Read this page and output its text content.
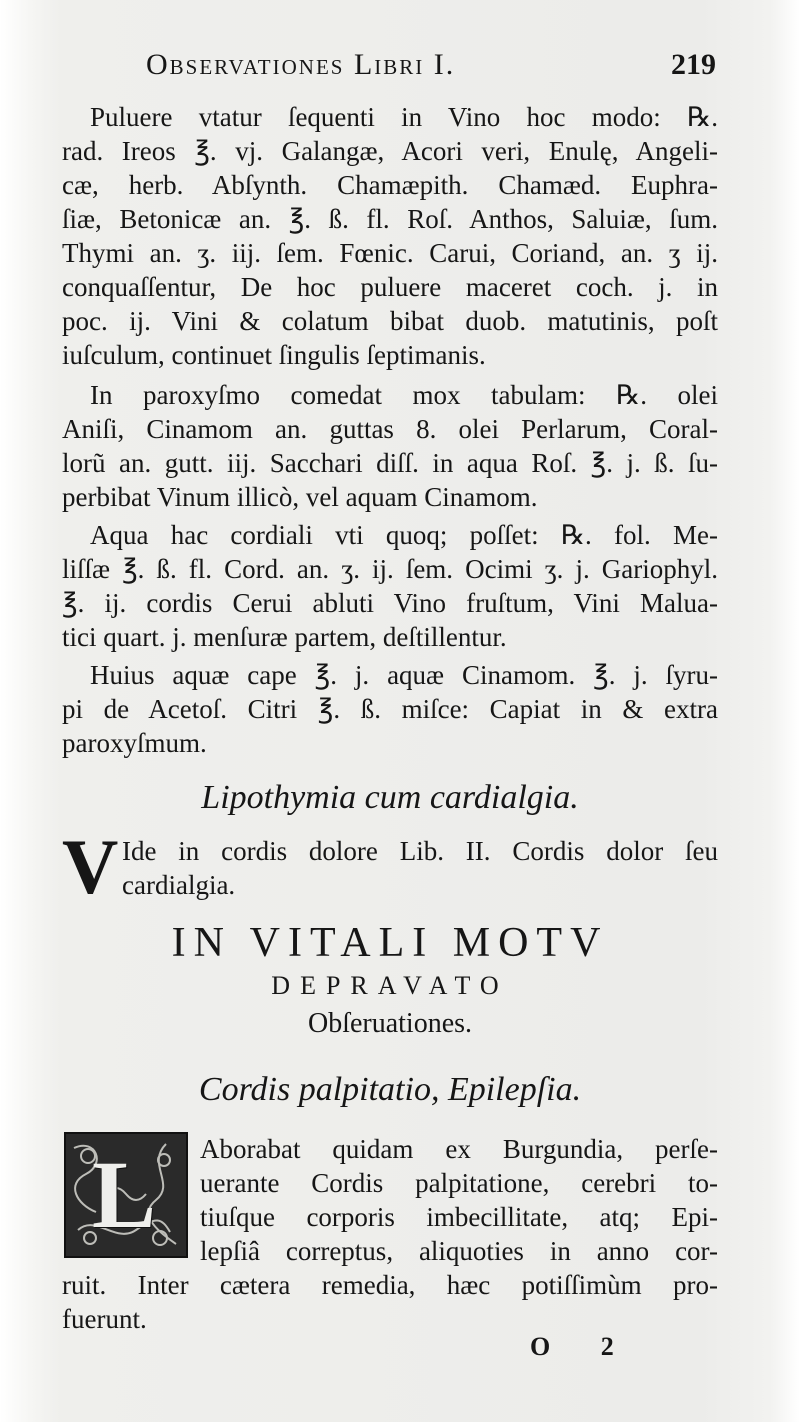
Observationes Libri I.	219
Puluere vtatur ſequenti in Vino hoc modo: ℞.
rad. Ireos ℥. vj. Galangæ, Acori veri, Enulę, Angeli-
cæ, herb. Abſynth. Chamæpith. Chamæd. Euphra-
ſiæ, Betonicæ an. ℥. ß. fl. Roſ. Anthos, Saluiæ, ſum.
Thymi an. ʒ. iij. ſem. Fœnic. Carui, Coriand, an. ʒ ij.
conquaſſentur, De hoc puluere maceret coch. j. in
poc. ij. Vini & colatum bibat duob. matutinis, poſt
iuſculum, continuet ſingulis ſeptimanis.
In paroxyſmo comedat mox tabulam: ℞. olei
Aniſi, Cinamom an. guttas 8. olei Perlarum, Coral-
lorũ an. gutt. iij. Sacchari diſſ. in aqua Roſ. ℥. j. ß. ſu-
perbibat Vinum illicò, vel aquam Cinamom.
Aqua hac cordiali vti quoq; poſſet: ℞. fol. Me-
liſſæ ℥. ß. fl. Cord. an. ʒ. ij. ſem. Ocimi ʒ. j. Gariophyl.
℥. ij. cordis Cerui abluti Vino fruſtum, Vini Malua-
tici quart. j. menſuræ partem, deſtillentur.
Huius aquæ cape ℥. j. aquæ Cinamom. ℥. j. ſyru-
pi de Acetoſ. Citri ℥. ß. miſce: Capiat in & extra
paroxyſmum.
Lipothymia cum cardialgia.
V Ide in cordis dolore Lib. II. Cordis dolor ſeu
cardialgia.
IN VITALI MOTV
DEPRAVATO
Obſeruationes.
Cordis palpitatio, Epilepſia.
L Aborabat quidam ex Burgundia, perſe-
uerante Cordis palpitatione, cerebri to-
tiuſque corporis imbecillitate, atq; Epi-
lepſiâ correptus, aliquoties in anno cor-
ruit. Inter cætera remedia, hæc potiſſimùm pro-
fuerunt.
O 2
